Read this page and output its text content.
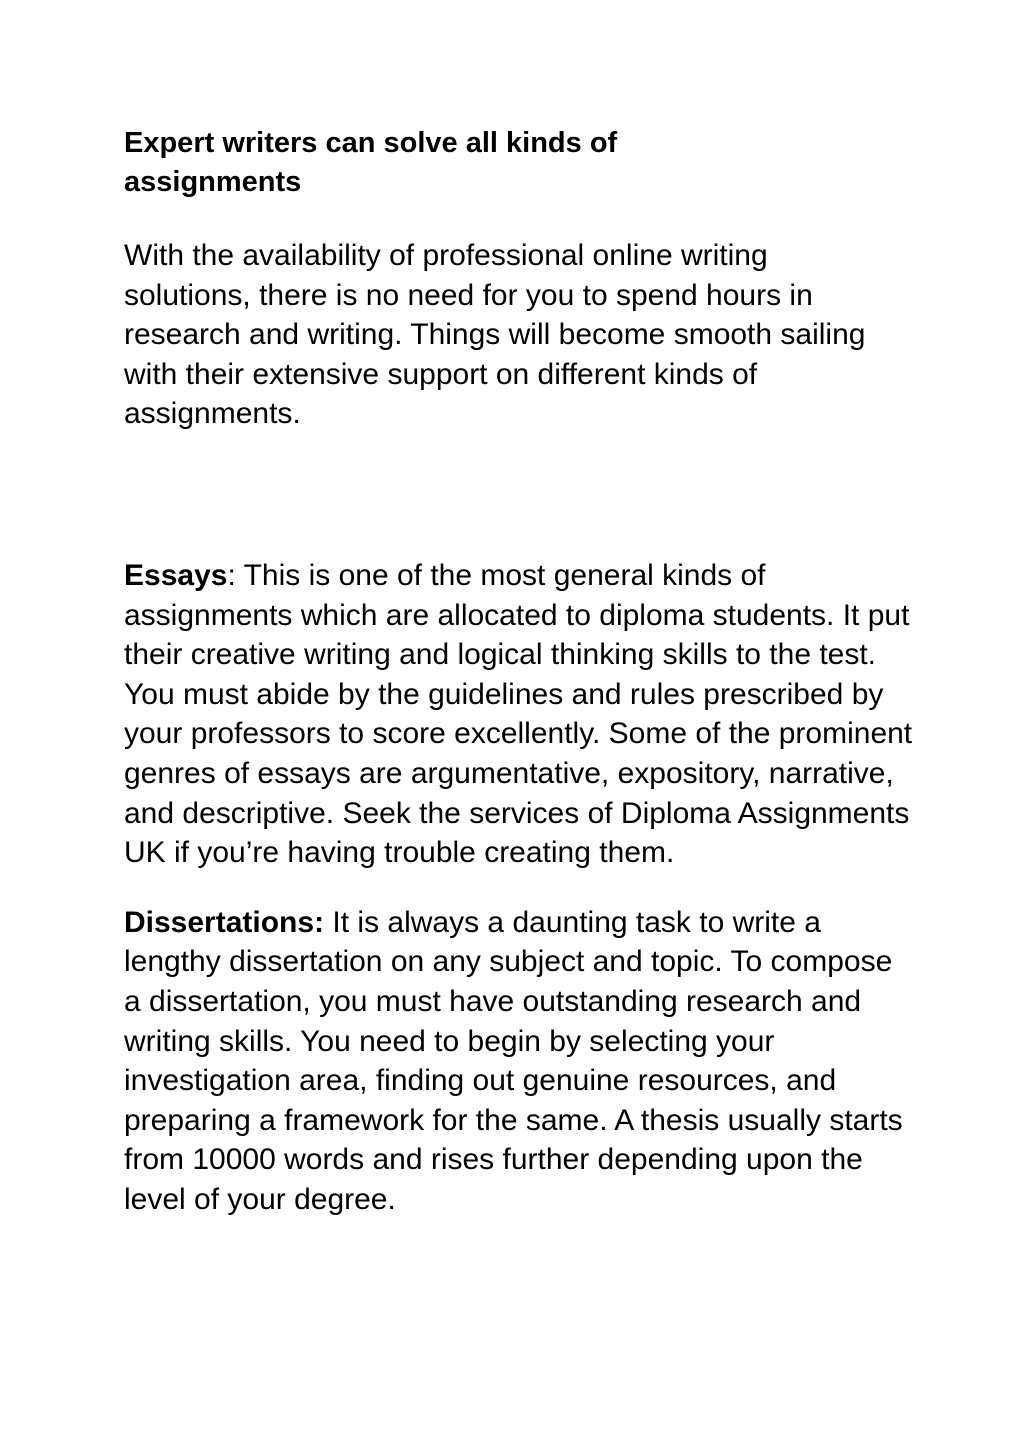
Expert writers can solve all kinds of assignments

With the availability of professional online writing solutions, there is no need for you to spend hours in research and writing. Things will become smooth sailing with their extensive support on different kinds of assignments.

Essays: This is one of the most general kinds of assignments which are allocated to diploma students. It put their creative writing and logical thinking skills to the test. You must abide by the guidelines and rules prescribed by your professors to score excellently. Some of the prominent genres of essays are argumentative, expository, narrative, and descriptive. Seek the services of Diploma Assignments UK if you’re having trouble creating them.

Dissertations: It is always a daunting task to write a lengthy dissertation on any subject and topic. To compose a dissertation, you must have outstanding research and writing skills. You need to begin by selecting your investigation area, finding out genuine resources, and preparing a framework for the same. A thesis usually starts from 10000 words and rises further depending upon the level of your degree.
